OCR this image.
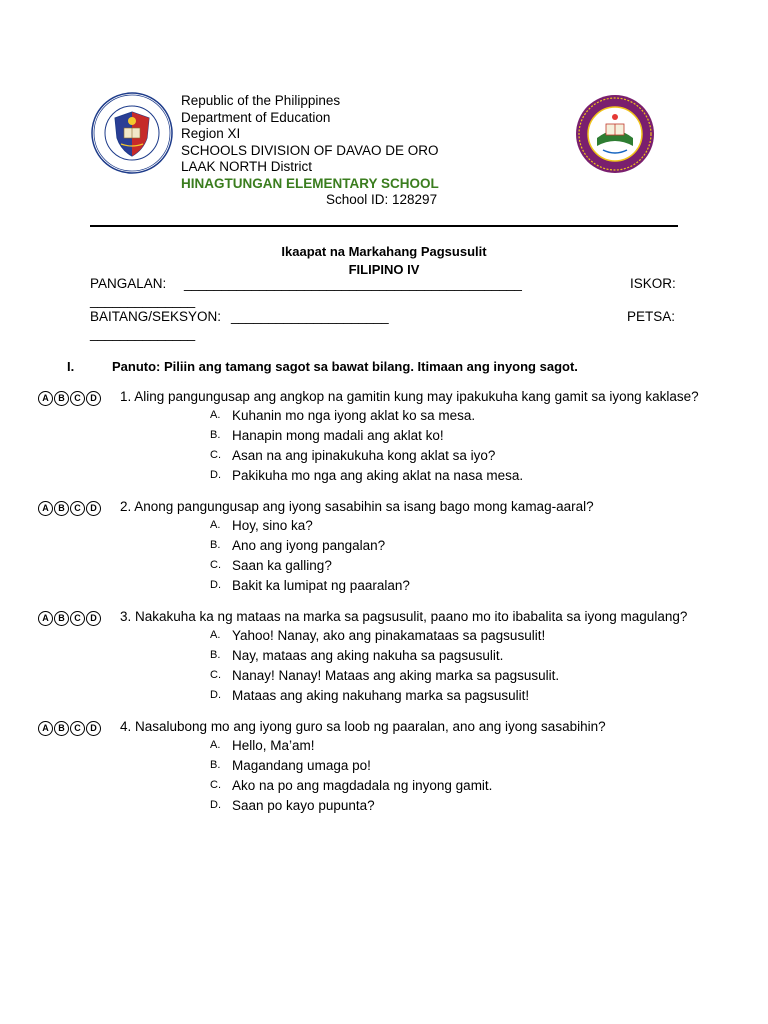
Republic of the Philippines
Department of Education
Region XI
SCHOOLS DIVISION OF DAVAO DE ORO
LAAK NORTH District
HINAGTUNGAN ELEMENTARY SCHOOL
School ID: 128297
Ikaapat na Markahang Pagsusulit
FILIPINO IV
PANGALAN: _____________________________________________	ISKOR:
______________
BAITANG/SEKSYON: _____________________	PETSA:
______________
I.	Panuto: Piliin ang tamang sagot sa bawat bilang. Itimaan ang inyong sagot.
A	B	C	D	1. Aling pangungusap ang angkop na gamitin kung may ipakukuha kang gamit sa iyong kaklase?
A. Kuhanin mo nga iyong aklat ko sa mesa.
B. Hanapin mong madali ang aklat ko!
C. Asan na ang ipinakukuha kong aklat sa iyo?
D. Pakikuha mo nga ang aking aklat na nasa mesa.
A	B	C	D	2. Anong pangungusap ang iyong sasabihin sa isang bago mong kamag-aaral?
A. Hoy, sino ka?
B. Ano ang iyong pangalan?
C. Saan ka galling?
D. Bakit ka lumipat ng paaralan?
A	B	C	D	3. Nakakuha ka ng mataas na marka sa pagsusulit, paano mo ito ibabalita sa iyong magulang?
A. Yahoo! Nanay, ako ang pinakamataas sa pagsusulit!
B. Nay, mataas ang aking nakuha sa pagsusulit.
C. Nanay! Nanay! Mataas ang aking marka sa pagsusulit.
D. Mataas ang aking nakuhang marka sa pagsusulit!
A	B	C	D	4. Nasalubong mo ang iyong guro sa loob ng paaralan, ano ang iyong sasabihin?
A. Hello, Ma’am!
B. Magandang umaga po!
C. Ako na po ang magdadala ng inyong gamit.
D. Saan po kayo pupunta?
